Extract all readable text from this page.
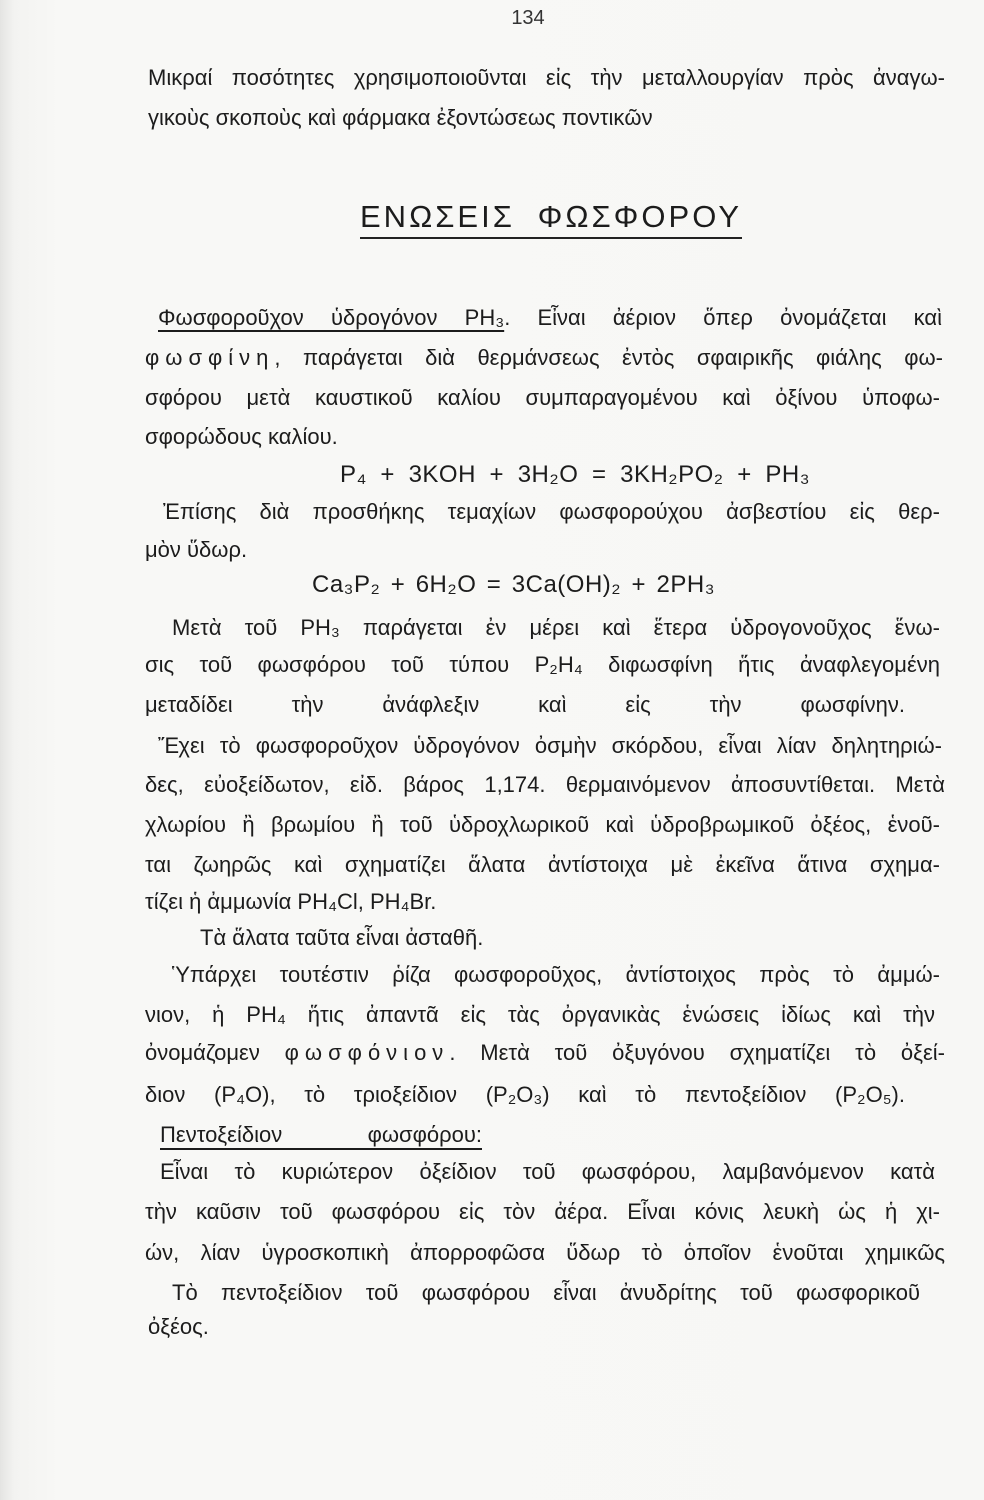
134
Μικραί ποσότητες χρησιμοποιοῦνται εἰς τὴν μεταλλουργίαν πρὸς ἀναγω-
γικοὺς σκοποὺς καὶ φάρμακα ἐξοντώσεως ποντικῶν
ΕΝΩΣΕΙΣ ΦΩΣΦΟΡΟΥ
Φωσφοροῦχον ὑδρογόνον PH₃. Εἶναι ἀέριον ὅπερ ὀνομάζεται καὶ
φωσφίνη, παράγεται διὰ θερμάνσεως ἐντὸς σφαιρικῆς φιάλης φω-
σφόρου μετὰ καυστικοῦ καλίου συμπαραγομένου καὶ ὀξίνου ὑποφω-
σφορώδους καλίου.
P₄ + 3KOH + 3H₂O = 3KH₂PO₂ + PH₃
Ἐπίσης διὰ προσθήκης τεμαχίων φωσφορούχου ἀσβεστίου εἰς θερ-
μὸν ὕδωρ.
Ca₃P₂ + 6H₂O = 3Ca(OH)₂ + 2PH₃
Μετὰ τοῦ PH₃ παράγεται ἐν μέρει καὶ ἕτερα ὑδρογονοῦχος ἕνω-
σις τοῦ φωσφόρου τοῦ τύπου P₂H₄ διφωσφίνη ἥτις ἀναφλεγομένη
μεταδίδει τὴν ἀνάφλεξιν καὶ εἰς τὴν φωσφίνην.
Ἔχει τὸ φωσφοροῦχον ὑδρογόνον ὀσμὴν σκόρδου, εἶναι λίαν δηλητηριώ-
δες, εὐοξείδωτον, εἰδ. βάρος 1,174. θερμαινόμενον ἀποσυντίθεται. Μετὰ
χλωρίου ἢ βρωμίου ἢ τοῦ ὑδροχλωρικοῦ καὶ ὑδροβρωμικοῦ ὀξέος, ἑνοῦ-
ται ζωηρῶς καὶ σχηματίζει ἅλατα ἀντίστοιχα μὲ ἐκεῖνα ἅτινα σχημα-
τίζει ἡ ἀμμωνία PH₄Cl, PH₄Br.
Τὰ ἅλατα ταῦτα εἶναι ἀσταθῆ.
Ὑπάρχει τουτέστιν ῥίζα φωσφοροῦχος, ἀντίστοιχος πρὸς τὸ ἀμμώ-
νιον, ἡ PH₄ ἥτις ἀπαντᾶ εἰς τὰς ὀργανικὰς ἑνώσεις ἰδίως καὶ τὴν
ὀνομάζομεν φωσφόνιον. Μετὰ τοῦ ὀξυγόνου σχηματίζει τὸ ὀξεί-
διον (P₄O), τὸ τριοξείδιον (P₂O₃) καὶ τὸ πεντοξείδιον (P₂O₅).
Πεντοξείδιον φωσφόρου:
Εἶναι τὸ κυριώτερον ὀξείδιον τοῦ φωσφόρου, λαμβανόμενον κατὰ
τὴν καῦσιν τοῦ φωσφόρου εἰς τὸν ἀέρα. Εἶναι κόνις λευκὴ ὡς ἡ χι-
ών, λίαν ὑγροσκοπικὴ ἀπορροφῶσα ὕδωρ τὸ ὁποῖον ἑνοῦται χημικῶς
Τὸ πεντοξείδιον τοῦ φωσφόρου εἶναι ἀνυδρίτης τοῦ φωσφορικοῦ
ὀξέος.
